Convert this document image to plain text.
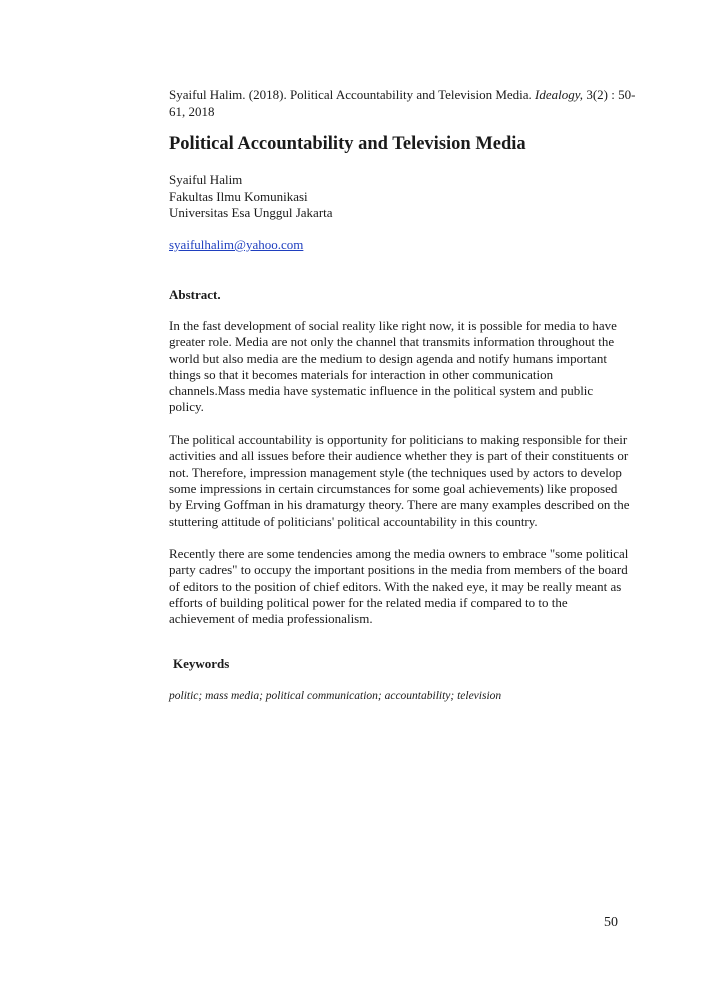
Syaiful Halim. (2018). Political Accountability and Television Media. Idealogy, 3(2) : 50-61, 2018
Political Accountability and Television Media
Syaiful Halim
Fakultas Ilmu Komunikasi
Universitas Esa Unggul Jakarta
syaifulhalim@yahoo.com
Abstract.

In the fast development of social reality like right now, it is possible for media to have greater role. Media are not only the channel that transmits information throughout the world but also media are the medium to design agenda and notify humans important things so that it becomes materials for interaction in other communication channels.Mass media have systematic influence in the political system and public policy.

The political accountability is opportunity for politicians to making responsible for their activities and all issues before their audience whether they is part of their constituents or not. Therefore, impression management style (the techniques used by actors to develop some impressions in certain circumstances for some goal achievements) like proposed by Erving Goffman in his dramaturgy theory. There are many examples described on the stuttering attitude of politicians' political accountability in this country.

Recently there are some tendencies among the media owners to embrace "some political party cadres" to occupy the important positions in the media from members of the board of editors to the position of chief editors. With the naked eye, it may be really meant as efforts of building political power for the related media if compared to to the achievement of media professionalism.

Keywords
politic; mass media; political communication; accountability; television
50
